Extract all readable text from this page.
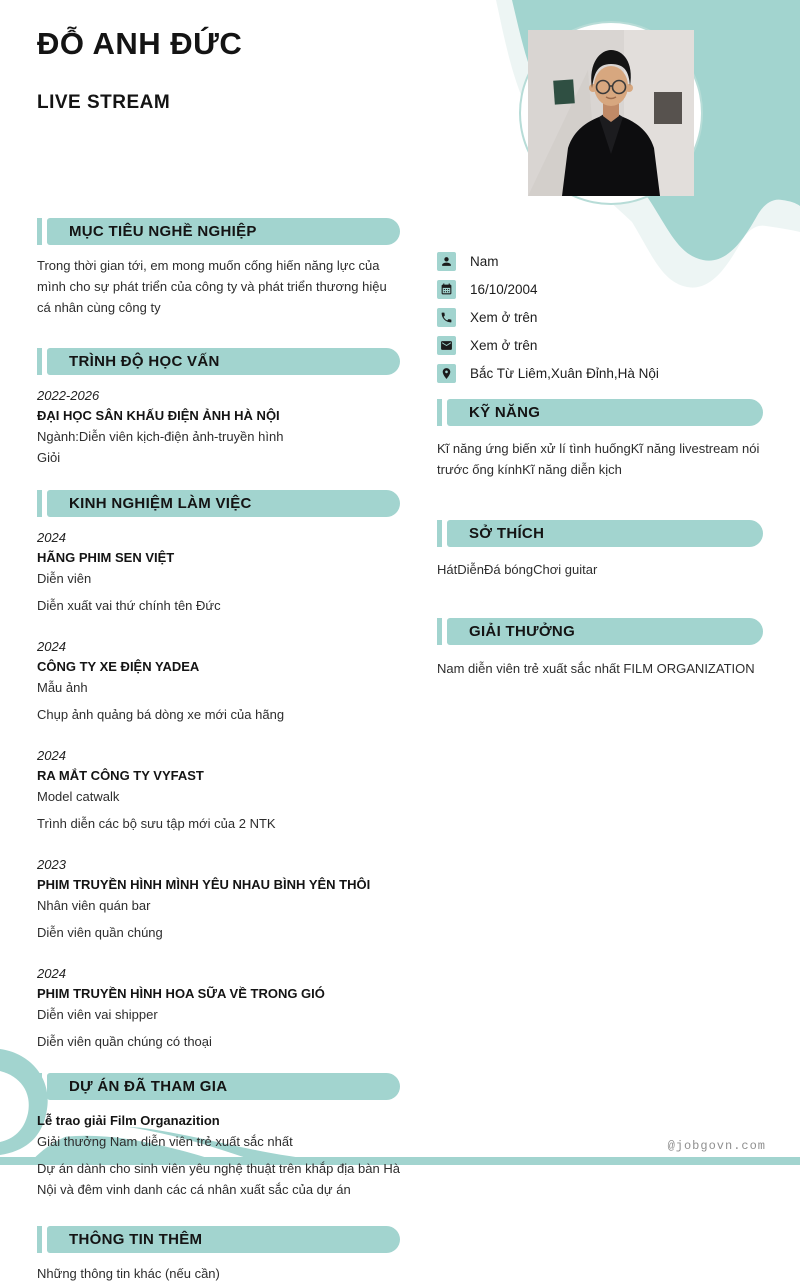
ĐỖ ANH ĐỨC
LIVE STREAM
MỤC TIÊU NGHỀ NGHIỆP
Trong thời gian tới, em mong muốn cống hiến năng lực của mình cho sự phát triển của công ty và phát triển thương hiệu cá nhân cùng công ty
TRÌNH ĐỘ HỌC VẤN
2022-2026
ĐẠI HỌC SÂN KHẤU ĐIỆN ẢNH HÀ NỘI
Ngành:Diễn viên kịch-điện ảnh-truyền hình
Giỏi
KINH NGHIỆM LÀM VIỆC
2024
HÃNG PHIM SEN VIỆT
Diễn viên
Diễn xuất vai thứ chính tên Đức
2024
CÔNG TY XE ĐIỆN YADEA
Mẫu ảnh
Chụp ảnh quảng bá dòng xe mới của hãng
2024
RA MẮT CÔNG TY VYFAST
Model catwalk
Trình diễn các bộ sưu tập mới của 2 NTK
2023
PHIM TRUYỀN HÌNH MÌNH YÊU NHAU BÌNH YÊN THÔI
Nhân viên quán bar
Diễn viên quần chúng
2024
PHIM TRUYỀN HÌNH HOA SỮA VỀ TRONG GIÓ
Diễn viên vai shipper
Diễn viên quần chúng có thoại
DỰ ÁN ĐÃ THAM GIA
Lễ trao giải Film Organazition
Giải thưởng Nam diễn viên trẻ xuất sắc nhất
Dự án dành cho sinh viên yêu nghệ thuật trên khắp địa bàn Hà Nội và đêm vinh danh các cá nhân xuất sắc của dự án
THÔNG TIN THÊM
Những thông tin khác (nếu cần)
Nam
16/10/2004
Xem ở trên
Xem ở trên
Bắc Từ Liêm,Xuân Đỉnh,Hà Nội
KỸ NĂNG
Kĩ năng ứng biến xử lí tình huốngKĩ năng livestream nói trước ống kínhKĩ năng diễn kịch
SỞ THÍCH
HátDiễnĐá bóngChơi guitar
GIẢI THƯỞNG
Nam diễn viên trẻ xuất sắc nhất FILM ORGANIZATION
@jobgovn.com
